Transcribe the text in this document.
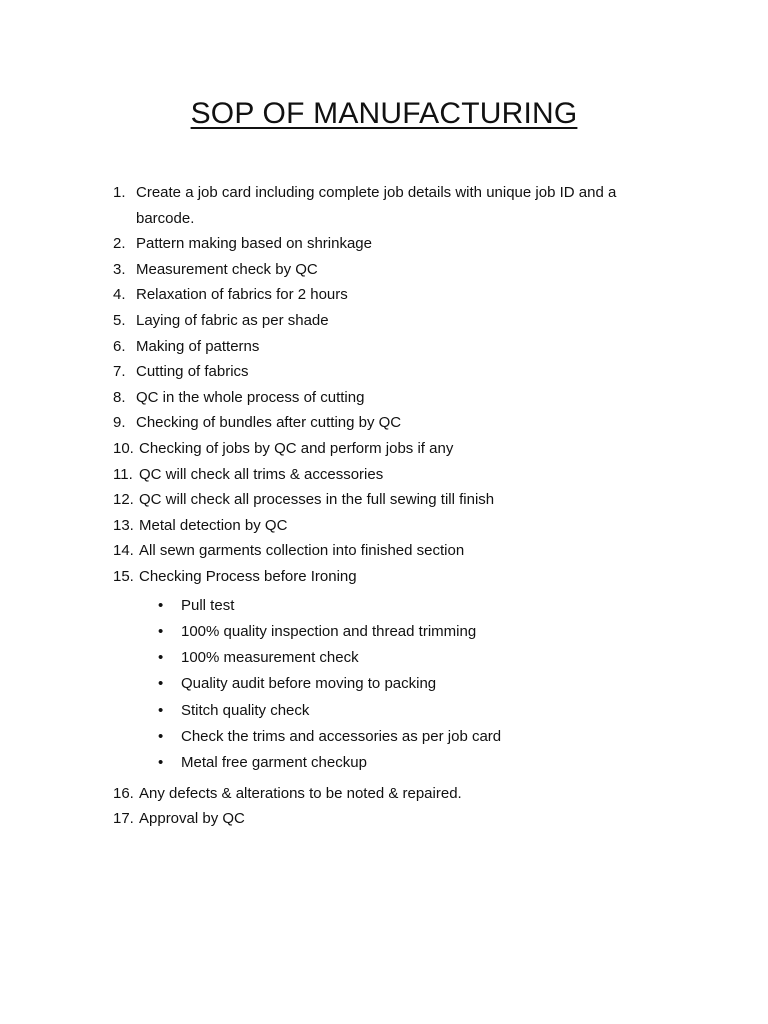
SOP OF MANUFACTURING
1. Create a job card including complete job details with unique job ID and a barcode.
2. Pattern making based on shrinkage
3. Measurement check by QC
4. Relaxation of fabrics for 2 hours
5. Laying of fabric as per shade
6. Making of patterns
7. Cutting of fabrics
8. QC in the whole process of cutting
9. Checking of bundles after cutting by QC
10. Checking of jobs by QC and perform jobs if any
11. QC will check all trims & accessories
12. QC will check all processes in the full sewing till finish
13. Metal detection by QC
14. All sewn garments collection into finished section
15. Checking Process before Ironing
• Pull test
• 100% quality inspection and thread trimming
• 100% measurement check
• Quality audit before moving to packing
• Stitch quality check
• Check the trims and accessories as per job card
• Metal free garment checkup
16. Any defects & alterations to be noted & repaired.
17. Approval by QC
